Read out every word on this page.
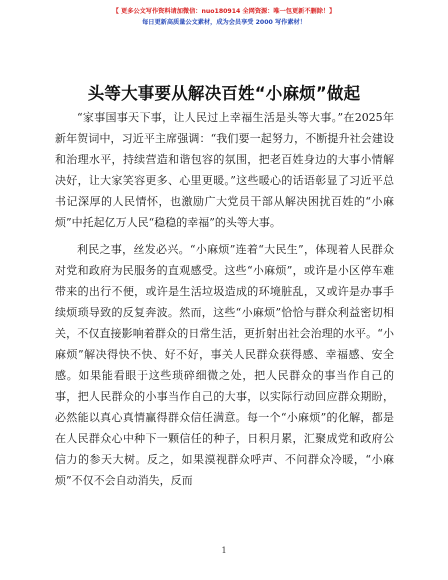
【 更多公文写作资料请加微信：nuo180914 全网资源：唯一包更新不删除！】
每日更新高质量公文素材，成为会员享受 2000 写作素材！
头等大事要从解决百姓“小麻烦”做起

“家事国事天下事，让人民过上幸福生活是头等大事。”在2025年新年贺词中，习近平主席强调：“我们要一起努力，不断提升社会建设和治理水平，持续营造和谐包容的氛围，把老百姓身边的大事小情解决好，让大家笑容更多、心里更暖。”这些暖心的话语彰显了习近平总书记深厚的人民情怀，也激励广大党员干部从解决困扰百姓的“小麻烦”中托起亿万人民“稳稳的幸福”的头等大事。

利民之事，丝发必兴。“小麻烦”连着“大民生”，体现着人民群众对党和政府为民服务的直观感受。这些“小麻烦”，或许是小区停车难带来的出行不便，或许是生活垃圾造成的环境脏乱，又或许是办事手续烦琐导致的反复奔波。然而，这些“小麻烦”恰恰与群众利益密切相关，不仅直接影响着群众的日常生活，更折射出社会治理的水平。“小麻烦”解决得快不快、好不好，事关人民群众获得感、幸福感、安全感。如果能看眼于这些琐碎细微之处，把人民群众的事当作自己的事，把人民群众的小事当作自己的大事，以实际行动回应群众期盼，必然能以真心真情赢得群众信任满意。每一个“小麻烦”的化解，都是在人民群众心中种下一颗信任的种子，日积月累，汇聚成党和政府公信力的参天大树。反之，如果漠视群众呼声、不问群众冷暖，“小麻烦”不仅不会自动消失，反而

1
